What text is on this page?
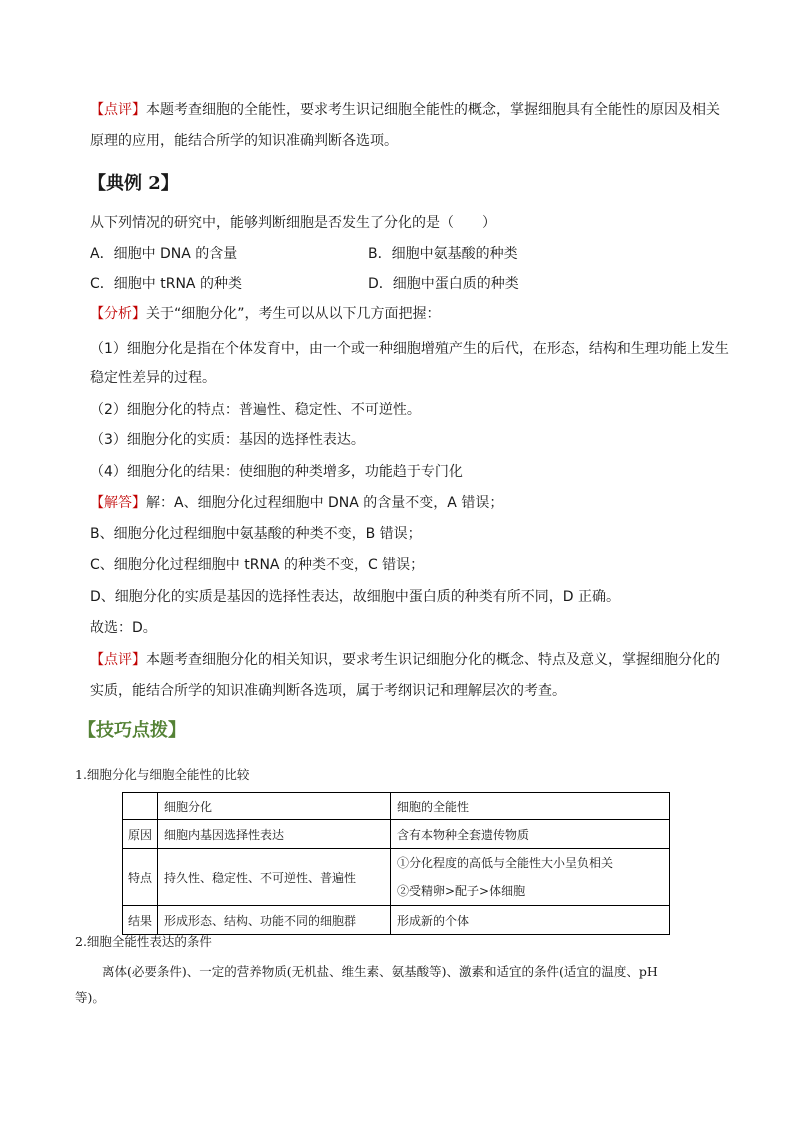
【点评】本题考查细胞的全能性，要求考生识记细胞全能性的概念，掌握细胞具有全能性的原因及相关
原理的应用，能结合所学的知识准确判断各选项。
【典例 2】
从下列情况的研究中，能够判断细胞是否发生了分化的是（　　）
A．细胞中 DNA 的含量	B．细胞中氨基酸的种类
C．细胞中 tRNA 的种类	D．细胞中蛋白质的种类
【分析】关于“细胞分化”，考生可以从以下几方面把握：
（1）细胞分化是指在个体发育中，由一个或一种细胞增殖产生的后代，在形态，结构和生理功能上发生
稳定性差异的过程。
（2）细胞分化的特点：普遍性、稳定性、不可逆性。
（3）细胞分化的实质：基因的选择性表达。
（4）细胞分化的结果：使细胞的种类增多，功能趋于专门化
【解答】解：A、细胞分化过程细胞中 DNA 的含量不变，A 错误；
B、细胞分化过程细胞中氨基酸的种类不变，B 错误；
C、细胞分化过程细胞中 tRNA 的种类不变，C 错误；
D、细胞分化的实质是基因的选择性表达，故细胞中蛋白质的种类有所不同，D 正确。
故选：D。
【点评】本题考查细胞分化的相关知识，要求考生识记细胞分化的概念、特点及意义，掌握细胞分化的
实质，能结合所学的知识准确判断各选项，属于考纲识记和理解层次的考查。
【技巧点拨】
1.细胞分化与细胞全能性的比较
	细胞分化	细胞的全能性
原因	细胞内基因选择性表达	含有本物种全套遗传物质
特点	持久性、稳定性、不可逆性、普遍性	①分化程度的高低与全能性大小呈负相关
②受精卵>配子>体细胞

结果	形成形态、结构、功能不同的细胞群	形成新的个体
2.细胞全能性表达的条件
离体(必要条件)、一定的营养物质(无机盐、维生素、氨基酸等)、激素和适宜的条件(适宜的温度、pH
等)。
